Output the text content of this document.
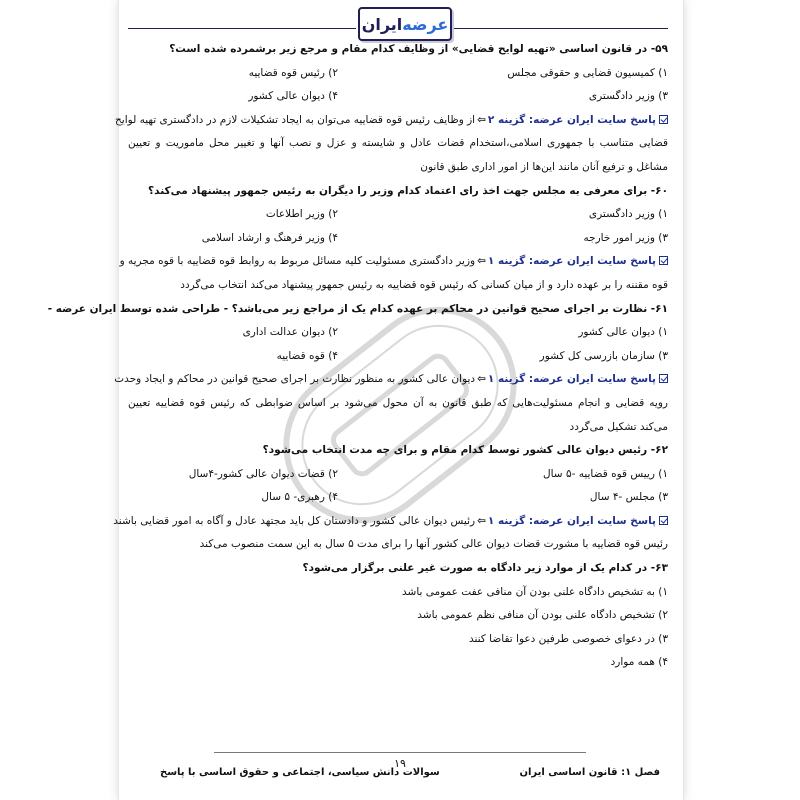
عرضه
ایران
۵۹- در قانون اساسی «تهیه لوایح قضایی» از وظایف کدام مقام و مرجع زیر برشمرده شده است؟
۱) کمیسیون قضایی و حقوقی مجلس
۲) رئیس قوه قضاییه
۳) وزیر دادگستری
۴) دیوان عالی کشور
پاسخ سایت ایران عرضه: گزینه ۲⇦از وظایف رئیس قوه قضاییه می‌توان به ایجاد تشکیلات لازم در دادگستری تهیه لوایح
قضایی متناسب با جمهوری اسلامی،استخدام قضات عادل و شایسته و عزل و نصب آنها و تغییر محل ماموریت و تعیین
مشاغل و ترفیع آنان مانند این‌ها از امور اداری طبق قانون
۶۰- برای معرفی به مجلس جهت اخذ رای اعتماد کدام وزیر را دیگران به رئیس جمهور پیشنهاد می‌کند؟
۱) وزیر دادگستری
۲) وزیر اطلاعات
۳) وزیر امور خارجه
۴) وزیر فرهنگ و ارشاد اسلامی
پاسخ سایت ایران عرضه: گزینه ۱⇦وزیر دادگستری مسئولیت کلیه مسائل مربوط به روابط قوه قضاییه با قوه مجریه و
قوه مقننه را بر عهده دارد و از میان کسانی که رئیس قوه قضاییه به رئیس جمهور پیشنهاد می‌کند انتخاب می‌گردد
۶۱- نظارت بر اجرای صحیح قوانین در محاکم بر عهده کدام یک از مراجع زیر می‌باشد؟ - طراحی شده توسط ایران عرضه -
۱) دیوان عالی کشور
۲) دیوان عدالت اداری
۳) سازمان بازرسی کل کشور
۴) قوه قضاییه
پاسخ سایت ایران عرضه: گزینه ۱⇦دیوان عالی کشور به منظور نظارت بر اجرای صحیح قوانین در محاکم و ایجاد وحدت
رویه قضایی و انجام مسئولیت‌هایی که طبق قانون به آن محول می‌شود بر اساس ضوابطی که رئیس قوه قضاییه تعیین
می‌کند تشکیل می‌گردد
۶۲- رئیس دیوان عالی کشور توسط کدام مقام و برای چه مدت انتخاب می‌شود؟
۱) رییس قوه قضاییه -۵ سال
۲) قضات دیوان عالی کشور-۴سال
۳) مجلس -۴ سال
۴) رهبری- ۵ سال
پاسخ سایت ایران عرضه: گزینه ۱⇦رئیس دیوان عالی کشور و دادستان کل باید مجتهد عادل و آگاه به امور قضایی باشند
رئیس قوه قضاییه با مشورت قضات دیوان عالی کشور آنها را برای مدت ۵ سال به این سمت منصوب می‌کند
۶۳- در کدام یک از موارد زیر دادگاه به صورت غیر علنی برگزار می‌شود؟
۱) به تشخیص دادگاه علنی بودن آن منافی عفت عمومی باشد
۲) تشخیص دادگاه علنی بودن آن منافی نظم عمومی باشد
۳) در دعوای خصوصی طرفین دعوا تقاضا کنند
۴) همه موارد
۱۹
فصل ۱: قانون اساسی ایران
سوالات دانش سیاسی، اجتماعی و حقوق اساسی با پاسخ
